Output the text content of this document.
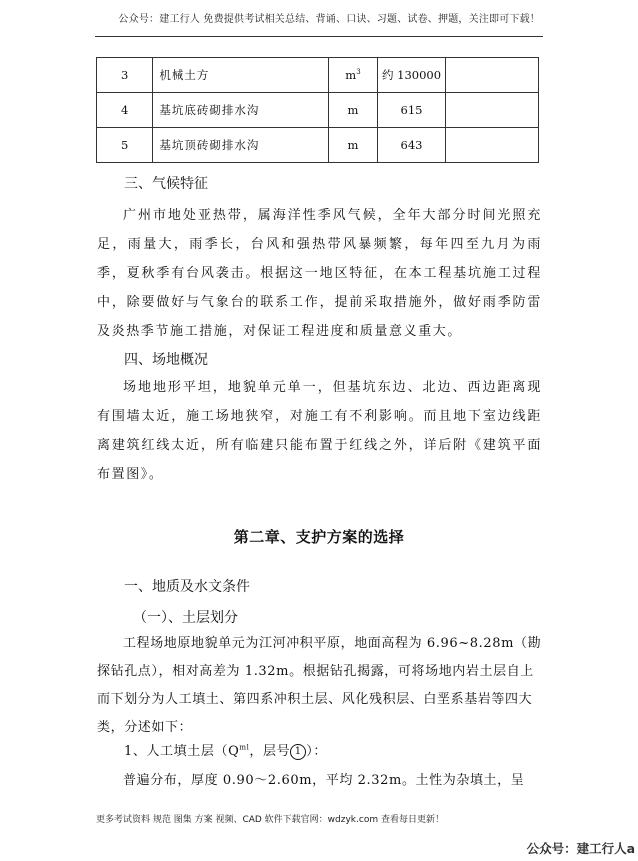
公众号：建工行人 免费提供考试相关总结、背诵、口诀、习题、试卷、押题，关注即可下载！
3	机械土方	$m^3$	约 130000	
4	基坑底砖砌排水沟	m	615	
5	基坑顶砖砌排水沟	m	643	
三、气候特征
广州市地处亚热带，属海洋性季风气候，全年大部分时间光照充足，雨量大，雨季长，台风和强热带风暴频繁，每年四至九月为雨季，夏秋季有台风袭击。根据这一地区特征，在本工程基坑施工过程中，除要做好与气象台的联系工作，提前采取措施外，做好雨季防雷及炎热季节施工措施，对保证工程进度和质量意义重大。
四、场地概况
场地地形平坦，地貌单元单一，但基坑东边、北边、西边距离现有围墙太近，施工场地狭窄，对施工有不利影响。而且地下室边线距离建筑红线太近，所有临建只能布置于红线之外，详后附《建筑平面布置图》。
第二章、支护方案的选择
一、地质及水文条件
（一）、土层划分
工程场地原地貌单元为江河冲积平原，地面高程为 6.96~8.28m（勘探钻孔点），相对高差为 1.32m。根据钻孔揭露，可将场地内岩土层自上而下划分为人工填土、第四系冲积土层、风化残积层、白垩系基岩等四大类，分述如下：
1、人工填土层（$Q^{ml}$，层号 1 ）：
普遍分布，厚度 0.90～2.60m，平均 2.32m。土性为杂填土，呈
更多考试资料 规范 图集 方案 视频、CAD 软件下载官网：wdzyk.com 查看每日更新！
公众号：建工行人a
